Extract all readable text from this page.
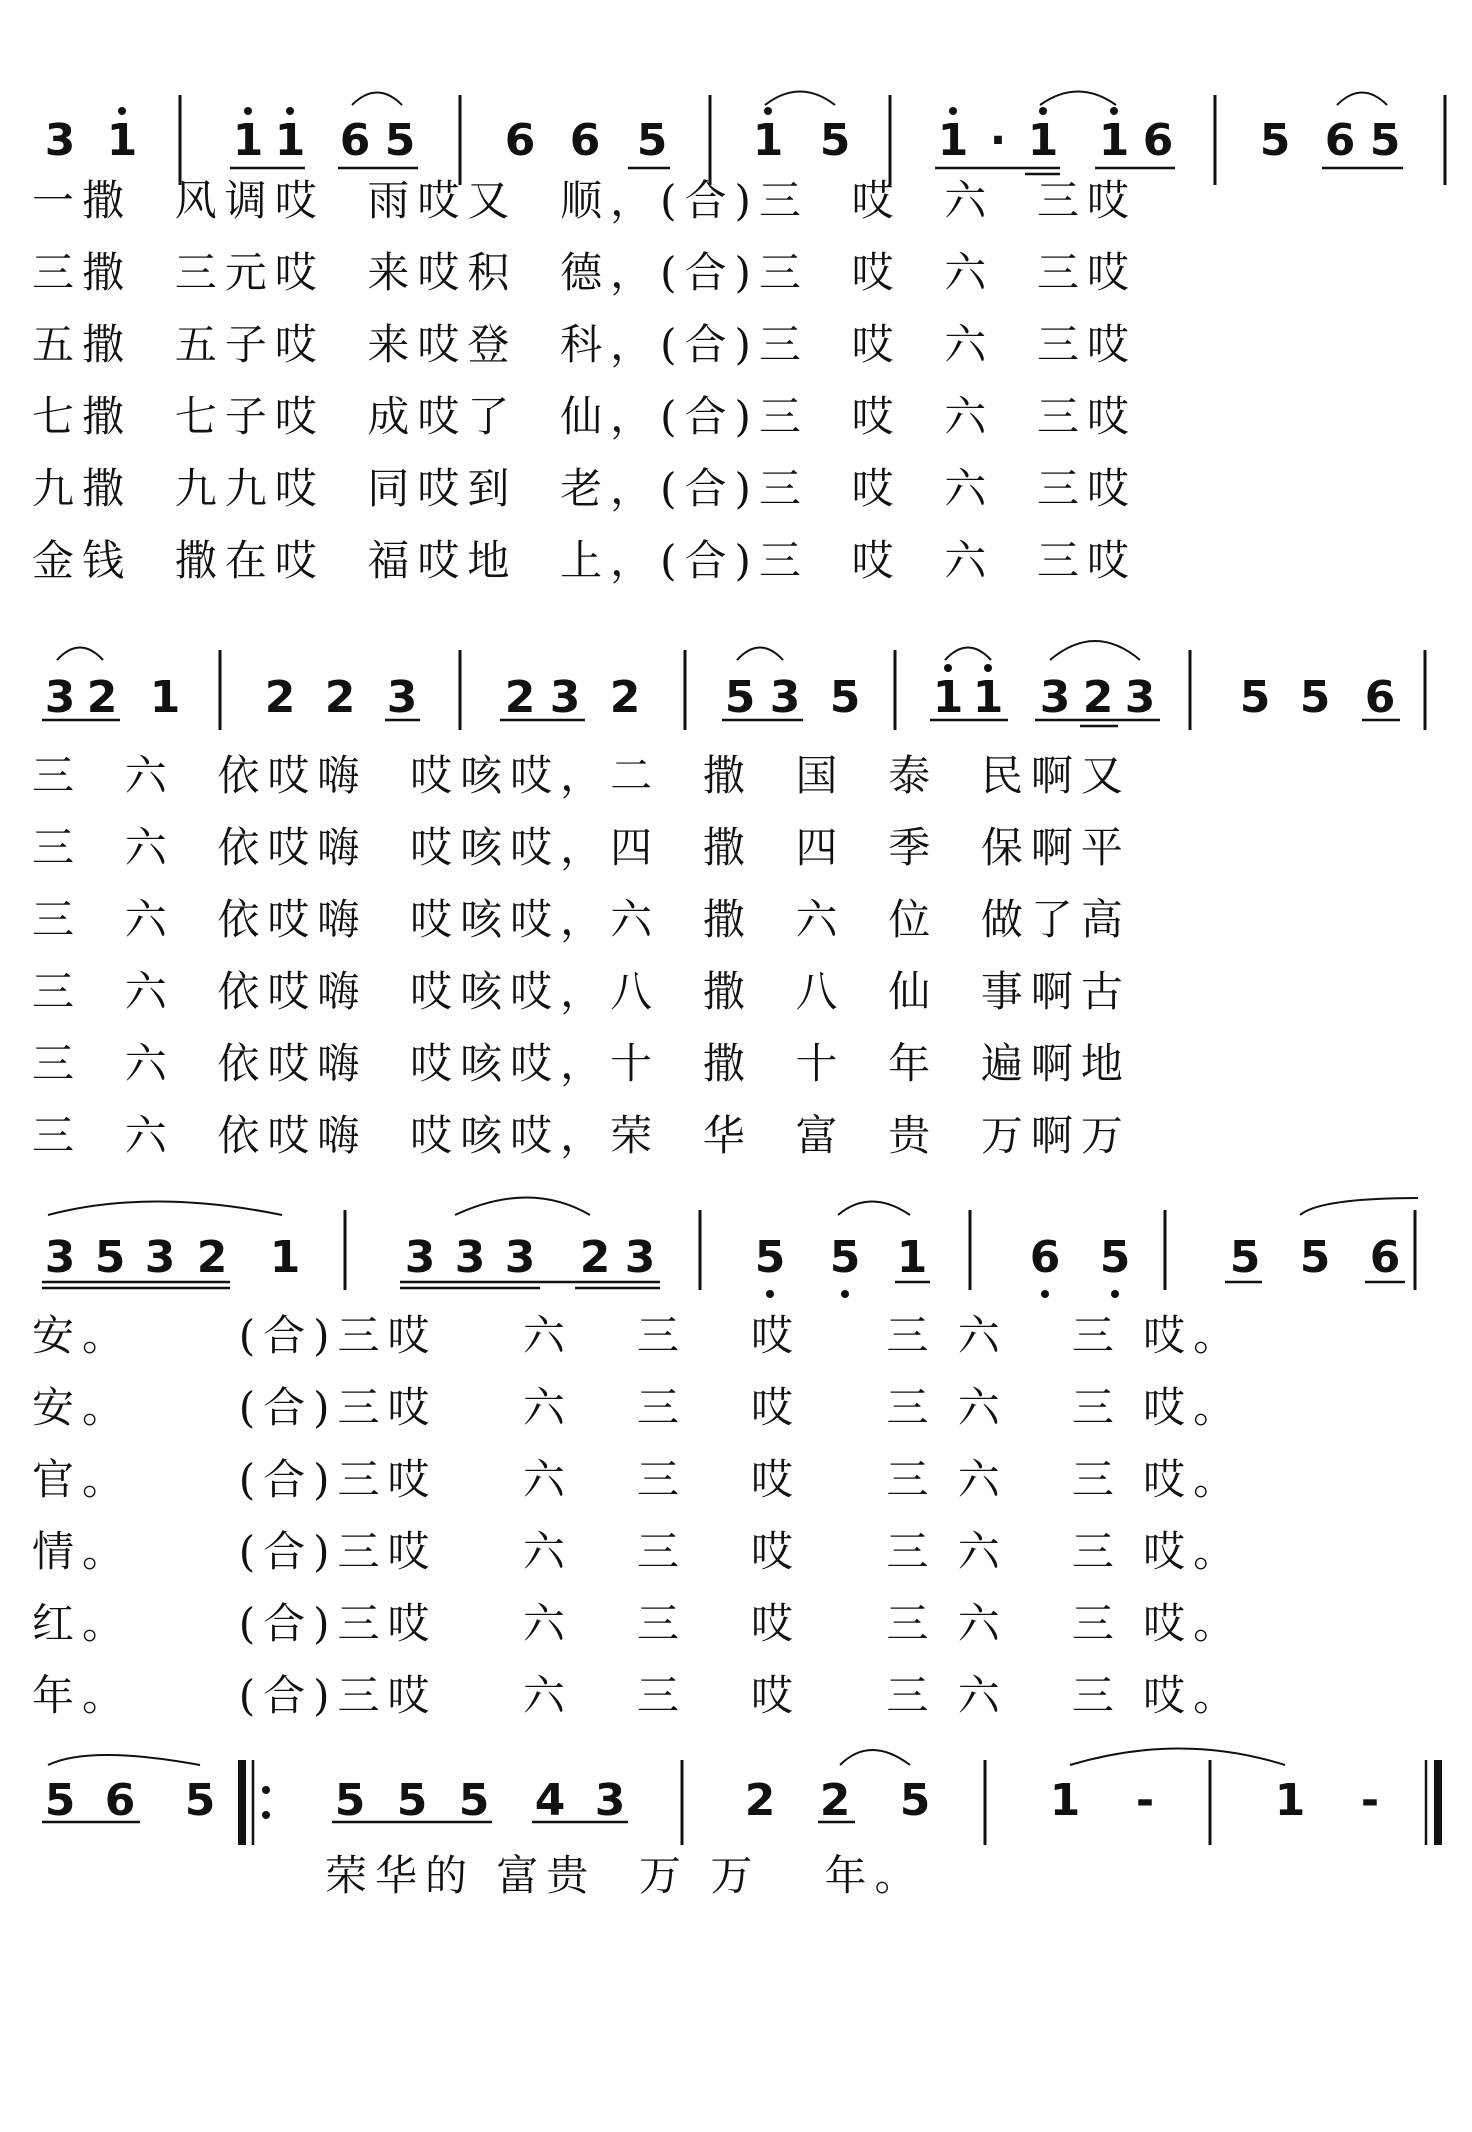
3 1 1 1 6 5 6 6 5 1 5 1 · 1 1 6 5 6 5
一撒  风调哎  雨哎又  顺，(合)三  哎  六  三哎
三撒  三元哎  来哎积  德，(合)三  哎  六  三哎
五撒  五子哎  来哎登  科，(合)三  哎  六  三哎
七撒  七子哎  成哎了  仙，(合)三  哎  六  三哎
九撒  九九哎  同哎到  老，(合)三  哎  六  三哎
金钱  撒在哎  福哎地  上，(合)三  哎  六  三哎
3 2 1 2 2 3 2 3 2 5 3 5 1 1 3 2 3 5 5 6
三  六  依哎嗨  哎咳哎，二  撒  国  泰  民啊又
三  六  依哎嗨  哎咳哎，四  撒  四  季  保啊平
三  六  依哎嗨  哎咳哎，六  撒  六  位  做了高
三  六  依哎嗨  哎咳哎，八  撒  八  仙  事啊古
三  六  依哎嗨  哎咳哎，十  撒  十  年  遍啊地
三  六  依哎嗨  哎咳哎，荣  华  富  贵  万啊万
3 5 3 2 1 3 3 3 2 3 5 5 1 6 5 5 5 6
安。     (合)三哎    六   三   哎    三 六   三 哎。
安。     (合)三哎    六   三   哎    三 六   三 哎。
官。     (合)三哎    六   三   哎    三 六   三 哎。
情。     (合)三哎    六   三   哎    三 六   三 哎。
红。     (合)三哎    六   三   哎    三 六   三 哎。
年。     (合)三哎    六   三   哎    三 六   三 哎。
5 6 5	5 5 5 4 3	2 2 5	1 -	1 -
荣华的 富贵  万 万   年。
